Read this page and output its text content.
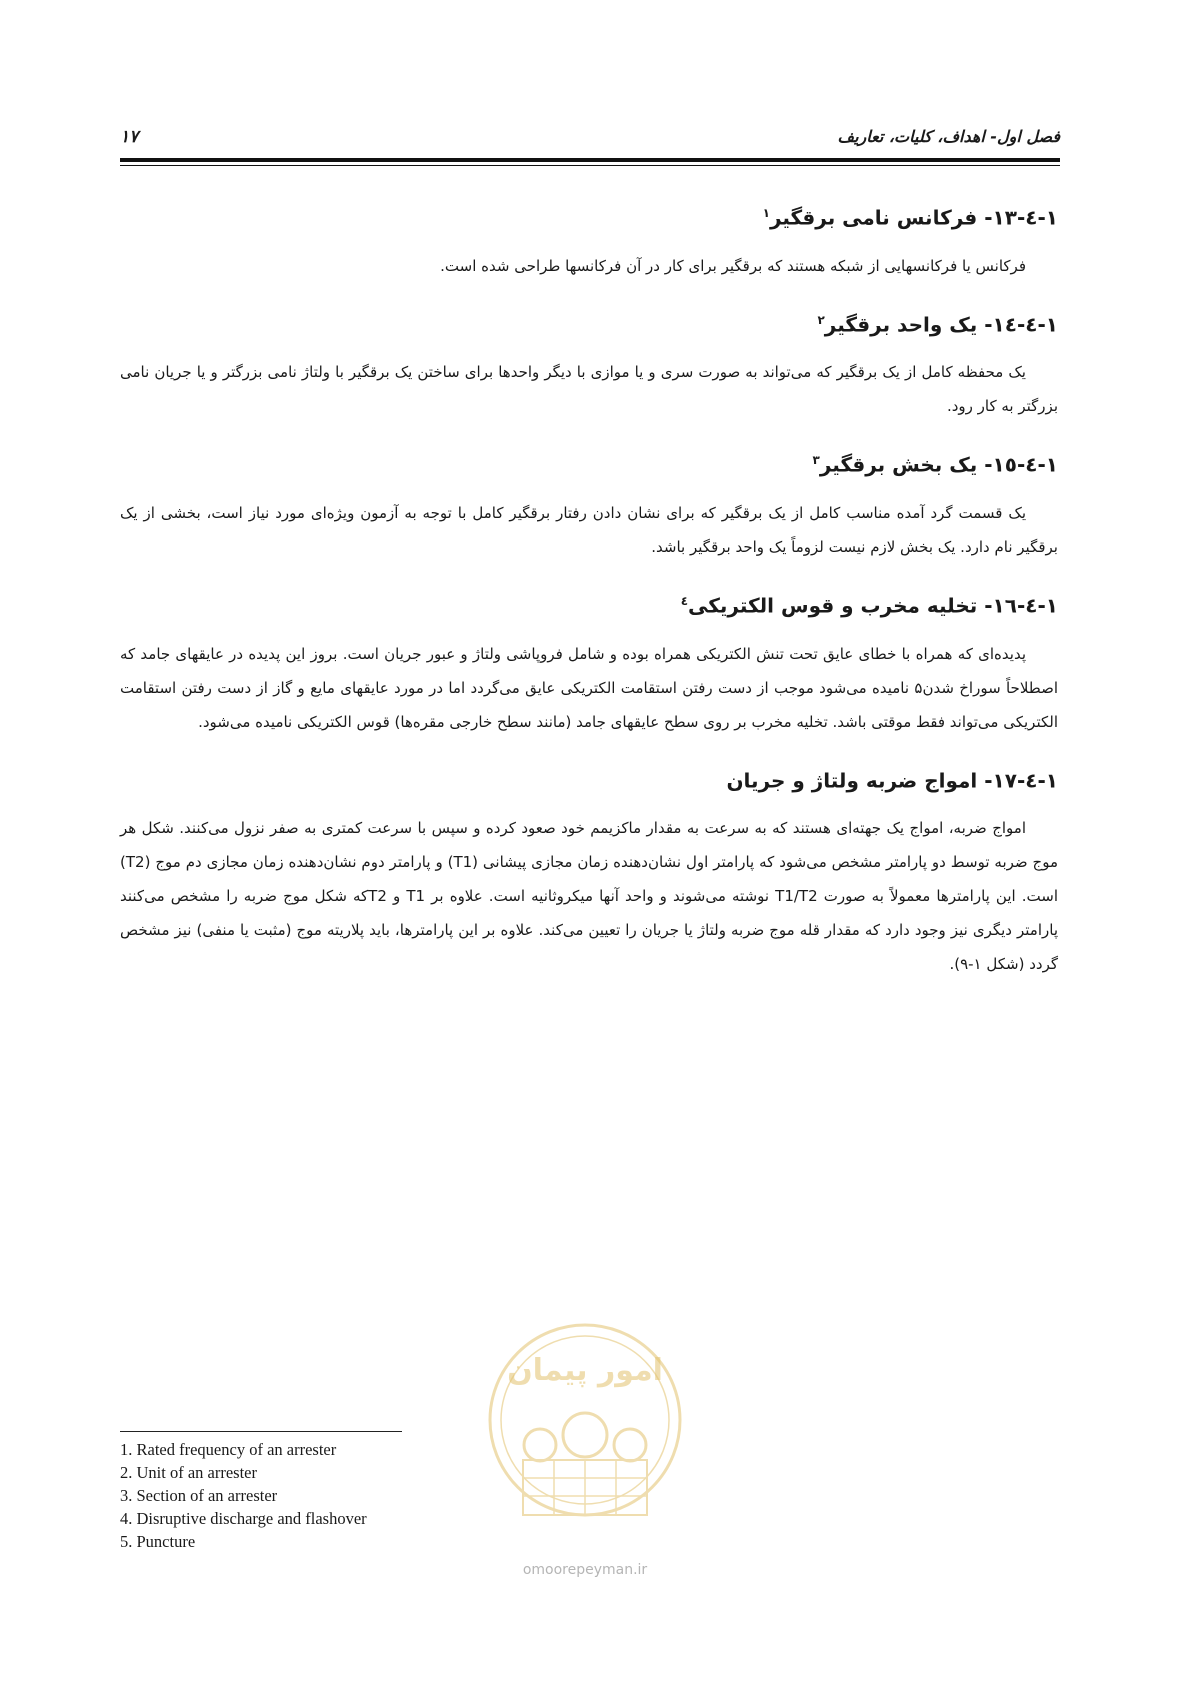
فصل اول- اهداف، کلیات، تعاریف
۱۷
۱-٤-۱۳- فرکانس نامی برقگیر$^۱$

فرکانس یا فرکانسهایی از شبکه هستند که برقگیر برای کار در آن فرکانسها طراحی شده است.

۱-٤-۱٤- یک واحد برقگیر$^۲$

یک محفظه کامل از یک برقگیر که می‌تواند به صورت سری و یا موازی با دیگر واحدها برای ساختن یک برقگیر با ولتاژ نامی بزرگتر و یا جریان نامی بزرگتر به کار رود.

۱-٤-۱٥- یک بخش برقگیر$^۳$

یک قسمت گرد آمده مناسب کامل از یک برقگیر که برای نشان دادن رفتار برقگیر کامل با توجه به آزمون ویژه‌ای مورد نیاز است، بخشی از یک برقگیر نام دارد. یک بخش لازم نیست لزوماً یک واحد برقگیر باشد.

۱-٤-۱٦- تخلیه مخرب و قوس الکتریکی$^٤$

پدیده‌ای که همراه با خطای عایق تحت تنش الکتریکی همراه بوده و شامل فروپاشی ولتاژ و عبور جریان است. بروز این پدیده در عایقهای جامد که اصطلاحاً سوراخ شدن۵ نامیده می‌شود موجب از دست رفتن استقامت الکتریکی عایق می‌گردد اما در مورد عایقهای مایع و گاز از دست رفتن استقامت الکتریکی می‌تواند فقط موقتی باشد. تخلیه مخرب بر روی سطح عایقهای جامد (مانند سطح خارجی مقره‌ها) قوس الکتریکی نامیده می‌شود.

۱-٤-۱۷- امواج ضربه ولتاژ و جریان

امواج ضربه، امواج یک جهته‌ای هستند که به سرعت به مقدار ماکزیمم خود صعود کرده و سپس با سرعت کمتری به صفر نزول می‌کنند. شکل هر موج ضربه توسط دو پارامتر مشخص می‌شود که پارامتر اول نشان‌دهنده زمان مجازی پیشانی (T1) و پارامتر دوم نشان‌دهنده زمان مجازی دم موج (T2) است. این پارامترها معمولاً به صورت T1/T2 نوشته می‌شوند و واحد آنها میکروثانیه است. علاوه بر T1 و T2که شکل موج ضربه را مشخص می‌کنند پارامتر دیگری نیز وجود دارد که مقدار قله موج ضربه ولتاژ یا جریان را تعیین می‌کند. علاوه بر این پارامترها، باید پلاریته موج (مثبت یا منفی) نیز مشخص گردد (شکل ۱-۹).

امور پیمان
omoorepeyman.ir
1. Rated frequency of an arrester
2. Unit of an arrester
3. Section of an arrester
4. Disruptive discharge and flashover
5. Puncture
